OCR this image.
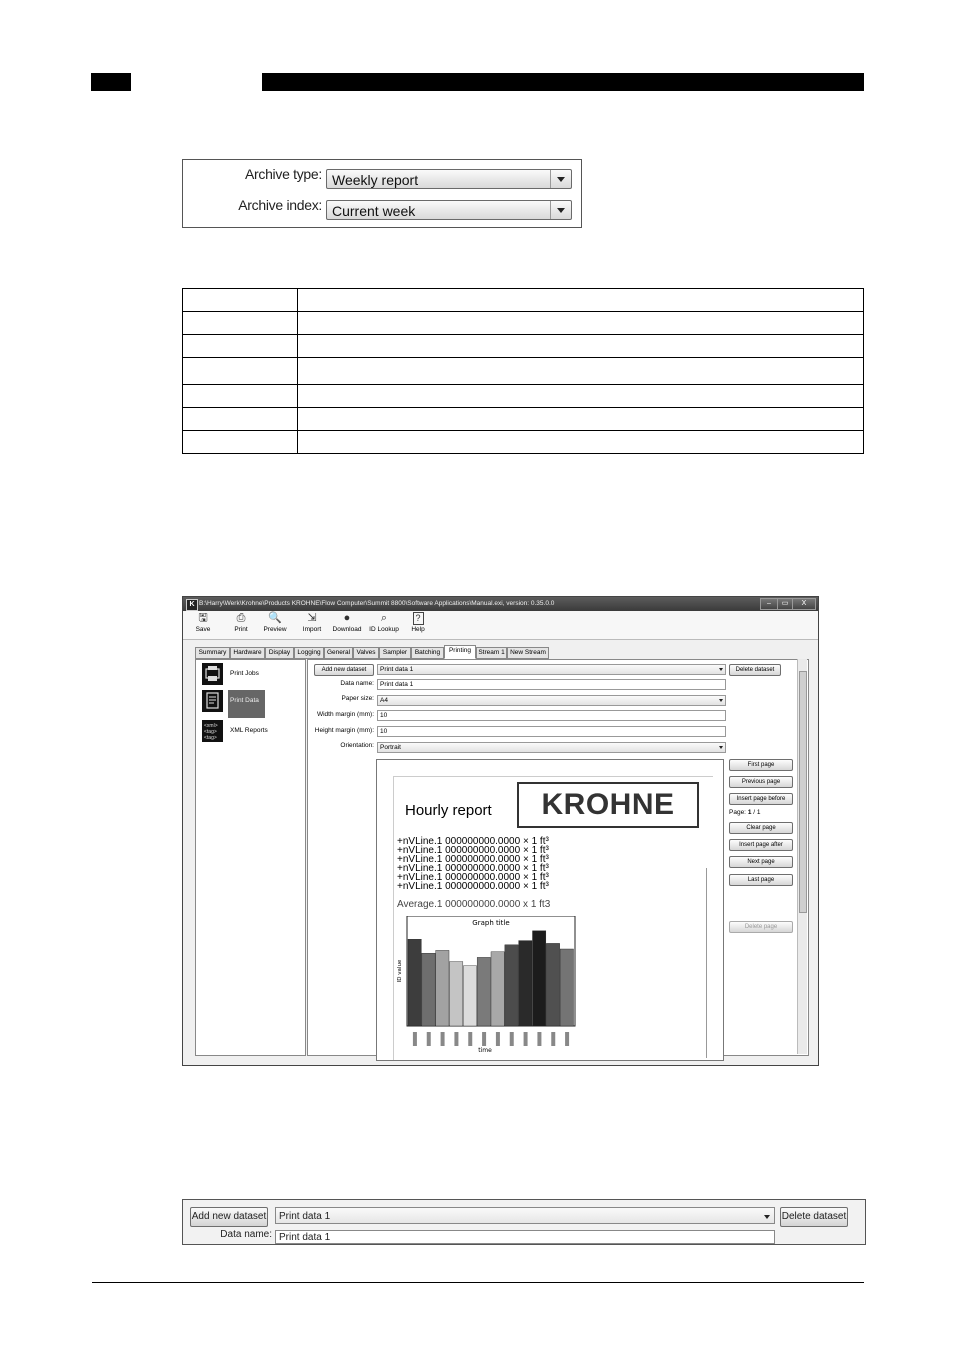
Archive type: Weekly report
Archive index: Current week

K B:\Harry\Werk\Krohne\Products KROHNE\Flow Computer\Summit 8800\Software Applications\Manual.exi, version: 0.35.0.0	–	▭	X
🖫
Save
⎙
Print
🔍
Preview
⇲
Import
●
Download
⌕
ID Lookup
?
Help
Summary	Hardware	Display	Logging General Valves	Sampler	Batching	Printing	Stream 1 New Stream
Print Jobs
Print Data
<xml> <tag> <tag>
XML Reports
Add new dataset	Print data 1	Delete dataset
Data name: Print data 1
Paper size: A4
Width margin (mm): 10
Height margin (mm): 10
Orientation: Portrait
Hourly report	KROHNE
+nVLine.1 000000000.0000 × 1 ft³
+nVLine.1 000000000.0000 × 1 ft³
+nVLine.1 000000000.0000 × 1 ft³
+nVLine.1 000000000.0000 × 1 ft³
+nVLine.1 000000000.0000 × 1 ft³
+nVLine.1 000000000.0000 × 1 ft³
Average.1 000000000.0000 x 1 ft3
Graph title
ID value
time
First page
Previous page
Insert page before
Page: 1 / 1
Clear page
Insert page after
Next page
Last page
Delete page
Add new dataset	Print data 1	Delete dataset
Data name: Print data 1
